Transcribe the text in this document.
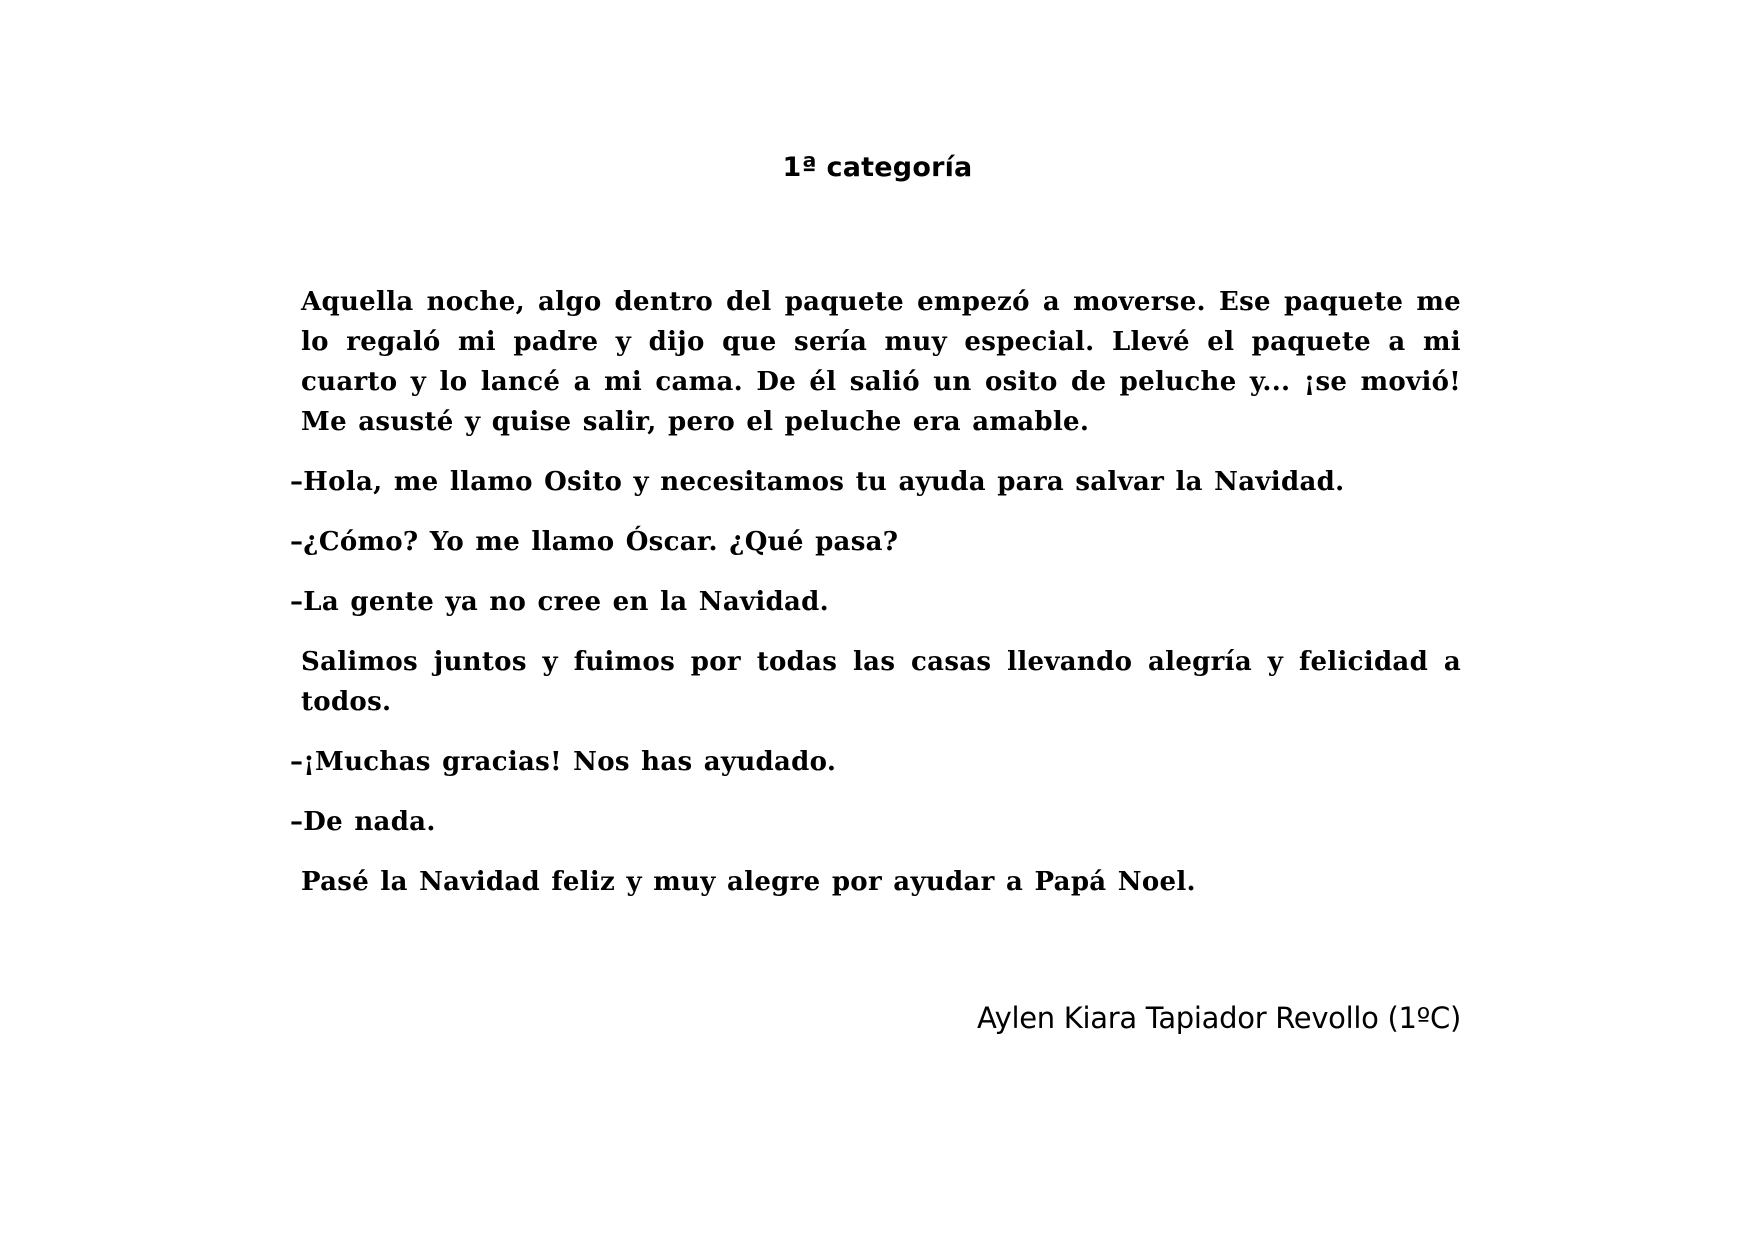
1ª categoría

Aquella noche, algo dentro del paquete empezó a moverse. Ese paquete me lo regaló mi padre y dijo que sería muy especial. Llevé el paquete a mi cuarto y lo lancé a mi cama. De él salió un osito de peluche y... ¡se movió! Me asusté y quise salir, pero el peluche era amable.

–Hola, me llamo Osito y necesitamos tu ayuda para salvar la Navidad.

–¿Cómo? Yo me llamo Óscar. ¿Qué pasa?

–La gente ya no cree en la Navidad.

Salimos juntos y fuimos por todas las casas llevando alegría y felicidad a todos.

–¡Muchas gracias! Nos has ayudado.

–De nada.

Pasé la Navidad feliz y muy alegre por ayudar a Papá Noel.

Aylen Kiara Tapiador Revollo (1ºC)
